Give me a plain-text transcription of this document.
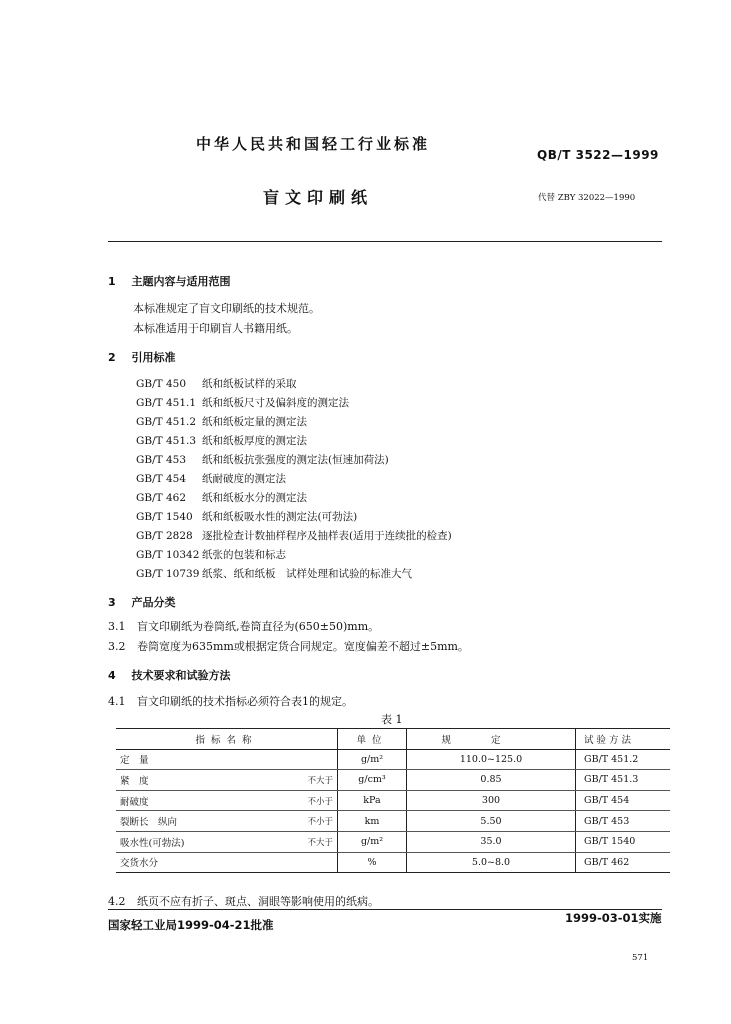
中华人民共和国轻工行业标准
QB/T 3522—1999
盲文印刷纸	代替 ZBY 32022—1990
1 主题内容与适用范围
本标准规定了盲文印刷纸的技术规范。
本标准适用于印刷盲人书籍用纸。
2 引用标准
GB/T 450 纸和纸板试样的采取
GB/T 451.1 纸和纸板尺寸及偏斜度的测定法
GB/T 451.2 纸和纸板定量的测定法
GB/T 451.3 纸和纸板厚度的测定法
GB/T 453 纸和纸板抗张强度的测定法(恒速加荷法)
GB/T 454 纸耐破度的测定法
GB/T 462 纸和纸板水分的测定法
GB/T 1540 纸和纸板吸水性的测定法(可勃法)
GB/T 2828 逐批检查计数抽样程序及抽样表(适用于连续批的检查)
GB/T 10342 纸张的包装和标志
GB/T 10739 纸浆、纸和纸板　试样处理和试验的标准大气
3 产品分类
3.1 盲文印刷纸为卷筒纸,卷筒直径为(650±50)mm。
3.2 卷筒宽度为635mm或根据定货合同规定。宽度偏差不超过±5mm。
4 技术要求和试验方法
4.1 盲文印刷纸的技术指标必须符合表1的规定。
表 1
指标名称		单位	规定	试验方法
定　量		g/m²	110.0~125.0	GB/T 451.2
紧　度	不大于	g/cm³	0.85	GB/T 451.3
耐破度	不小于	kPa	300	GB/T 454
裂断长　纵向	不小于	km	5.50	GB/T 453
吸水性(可勃法)	不大于	g/m²	35.0	GB/T 1540
交货水分		%	5.0~8.0	GB/T 462
4.2 纸页不应有折子、斑点、洞眼等影响使用的纸病。
国家轻工业局1999-04-21批准	1999-03-01实施
571
